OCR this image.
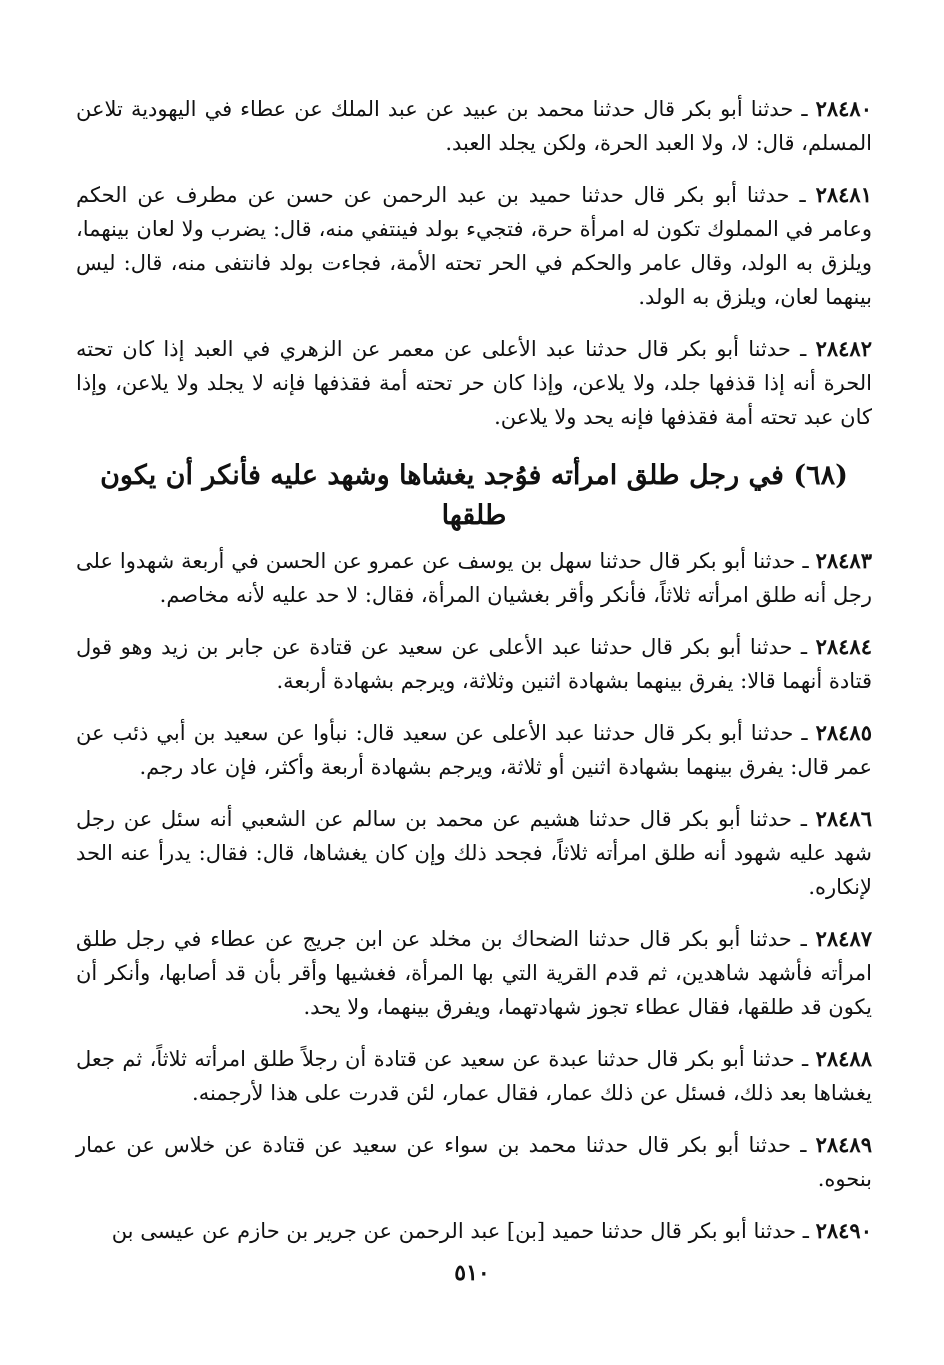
٢٨٤٨٠ ـ حدثنا أبو بكر قال حدثنا محمد بن عبيد عن عبد الملك عن عطاء في اليهودية تلاعن المسلم، قال: لا، ولا العبد الحرة، ولكن يجلد العبد.

٢٨٤٨١ ـ حدثنا أبو بكر قال حدثنا حميد بن عبد الرحمن عن حسن عن مطرف عن الحكم وعامر في المملوك تكون له امرأة حرة، فتجيء بولد فينتفي منه، قال: يضرب ولا لعان بينهما، ويلزق به الولد، وقال عامر والحكم في الحر تحته الأمة، فجاءت بولد فانتفى منه، قال: ليس بينهما لعان، ويلزق به الولد.

٢٨٤٨٢ ـ حدثنا أبو بكر قال حدثنا عبد الأعلى عن معمر عن الزهري في العبد إذا كان تحته الحرة أنه إذا قذفها جلد، ولا يلاعن، وإذا كان حر تحته أمة فقذفها فإنه لا يجلد ولا يلاعن، وإذا كان عبد تحته أمة فقذفها فإنه يحد ولا يلاعن.

(٦٨) في رجل طلق امرأته فوُجد يغشاها وشهد عليه فأنكر أن يكون طلقها

٢٨٤٨٣ ـ حدثنا أبو بكر قال حدثنا سهل بن يوسف عن عمرو عن الحسن في أربعة شهدوا على رجل أنه طلق امرأته ثلاثاً، فأنكر وأقر بغشيان المرأة، فقال: لا حد عليه لأنه مخاصم.

٢٨٤٨٤ ـ حدثنا أبو بكر قال حدثنا عبد الأعلى عن سعيد عن قتادة عن جابر بن زيد وهو قول قتادة أنهما قالا: يفرق بينهما بشهادة اثنين وثلاثة، ويرجم بشهادة أربعة.

٢٨٤٨٥ ـ حدثنا أبو بكر قال حدثنا عبد الأعلى عن سعيد قال: نبأوا عن سعيد بن أبي ذئب عن عمر قال: يفرق بينهما بشهادة اثنين أو ثلاثة، ويرجم بشهادة أربعة وأكثر، فإن عاد رجم.

٢٨٤٨٦ ـ حدثنا أبو بكر قال حدثنا هشيم عن محمد بن سالم عن الشعبي أنه سئل عن رجل شهد عليه شهود أنه طلق امرأته ثلاثاً، فجحد ذلك وإن كان يغشاها، قال: فقال: يدرأ عنه الحد لإنكاره.

٢٨٤٨٧ ـ حدثنا أبو بكر قال حدثنا الضحاك بن مخلد عن ابن جريج عن عطاء في رجل طلق امرأته فأشهد شاهدين، ثم قدم القرية التي بها المرأة، فغشيها وأقر بأن قد أصابها، وأنكر أن يكون قد طلقها، فقال عطاء تجوز شهادتهما، ويفرق بينهما، ولا يحد.

٢٨٤٨٨ ـ حدثنا أبو بكر قال حدثنا عبدة عن سعيد عن قتادة أن رجلاً طلق امرأته ثلاثاً، ثم جعل يغشاها بعد ذلك، فسئل عن ذلك عمار، فقال عمار، لئن قدرت على هذا لأرجمنه.

٢٨٤٨٩ ـ حدثنا أبو بكر قال حدثنا محمد بن سواء عن سعيد عن قتادة عن خلاس عن عمار بنحوه.

٢٨٤٩٠ ـ حدثنا أبو بكر قال حدثنا حميد [بن] عبد الرحمن عن جرير بن حازم عن عيسى بن

٥١٠
